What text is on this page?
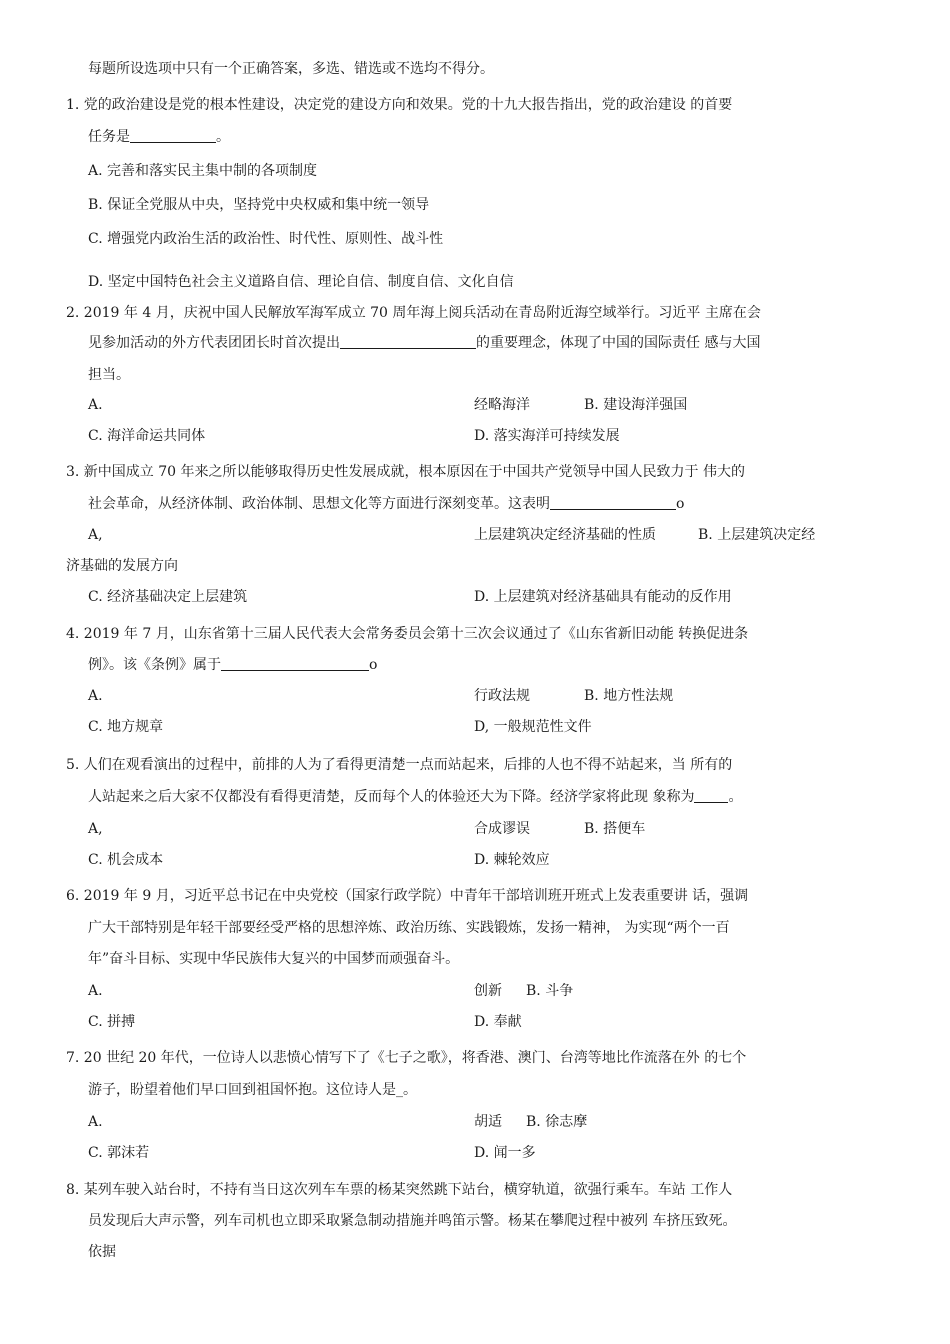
每题所设选项中只有一个正确答案，多选、错选或不选均不得分。
1. 党的政治建设是党的根本性建设，决定党的建设方向和效果。党的十九大报告指出，党的政治建设 的首要
任务是	。
A. 完善和落实民主集中制的各项制度
B. 保证全党服从中央，坚持党中央权威和集中统一领导
C. 增强党内政治生活的政治性、时代性、原则性、战斗性
D. 坚定中国特色社会主义道路自信、理论自信、制度自信、文化自信
2. 2019 年 4 月，庆祝中国人民解放军海军成立 70 周年海上阅兵活动在青岛附近海空域举行。习近平 主席在会
见参加活动的外方代表团团长时首次提出	的重要理念，体现了中国的国际责任 感与大国
担当。
A.	经略海洋	B. 建设海洋强国
C. 海洋命运共同体	D. 落实海洋可持续发展
3. 新中国成立 70 年来之所以能够取得历史性发展成就，根本原因在于中国共产党领导中国人民致力于 伟大的
社会革命，从经济体制、政治体制、思想文化等方面进行深刻变革。这表明	o
A,	上层建筑决定经济基础的性质	B. 上层建筑决定经
济基础的发展方向
C. 经济基础决定上层建筑	D. 上层建筑对经济基础具有能动的反作用
4. 2019 年 7 月，山东省第十三届人民代表大会常务委员会第十三次会议通过了《山东省新旧动能 转换促进条
例》。该《条例》属于	o
A.	行政法规	B. 地方性法规
C. 地方规章	D, 一般规范性文件
5. 人们在观看演出的过程中，前排的人为了看得更清楚一点而站起来，后排的人也不得不站起来，当 所有的
人站起来之后大家不仅都没有看得更清楚，反而每个人的体验还大为下降。经济学家将此现 象称为 。
A,	合成谬误	B. 搭便车
C. 机会成本	D. 棘轮效应
6. 2019 年 9 月，习近平总书记在中央党校（国家行政学院）中青年干部培训班开班式上发表重要讲 话，强调
广大干部特别是年轻干部要经受严格的思想淬炼、政治历练、实践锻炼，发扬一精神， 为实现“两个一百
年”奋斗目标、实现中华民族伟大复兴的中国梦而顽强奋斗。
A.	创新 B. 斗争
C. 拼搏	D. 奉献
7. 20 世纪 20 年代，一位诗人以悲愤心情写下了《七子之歌》，将香港、澳门、台湾等地比作流落在外 的七个
游子，盼望着他们早口回到祖国怀抱。这位诗人是_。
A.	胡适 B. 徐志摩
C. 郭沫若	D. 闻一多
8. 某列车驶入站台时，不持有当日这次列车车票的杨某突然跳下站台，横穿轨道，欲强行乘车。车站 工作人
员发现后大声示警，列车司机也立即采取紧急制动措施并鸣笛示警。杨某在攀爬过程中被列 车挤压致死。
依据
